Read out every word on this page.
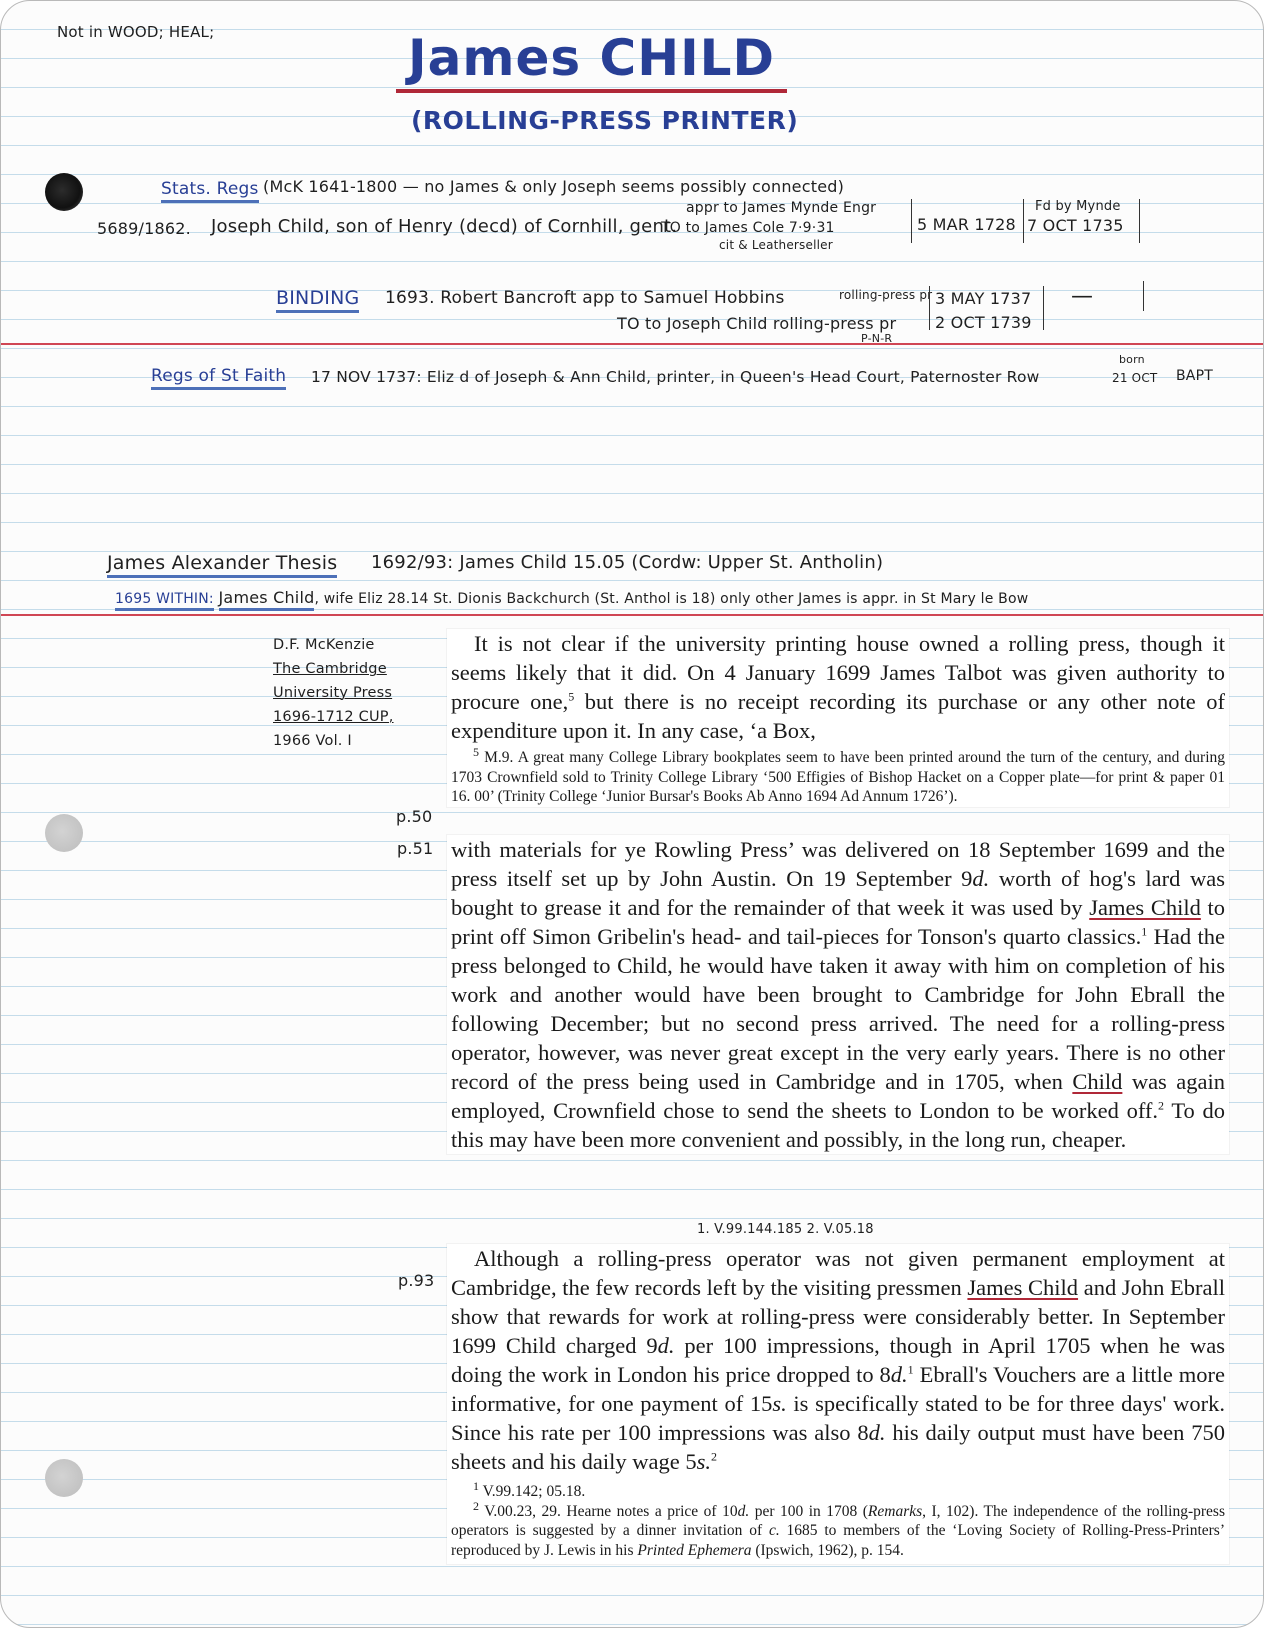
Not in WOOD; HEAL;	James CHILD
(ROLLING-PRESS PRINTER)
Stats. Regs (McK 1641-1800 — no James & only Joseph seems possibly connected)
5689/1862. Joseph Child, son of Henry (decd) of Cornhill, gent.
appr to James Mynde Engr
TO to James Cole 7·9·31
cit & Leatherseller
5 MAR 1728
Fd by Mynde
7 OCT 1735
BINDING 1693. Robert Bancroft app to Samuel Hobbins	rolling-press pr
TO to Joseph Child rolling-press pr
P-N-R
3 MAY 1737
2 OCT 1739
—
Regs of St Faith 17 NOV 1737: Eliz d of Joseph & Ann Child, printer, in Queen's Head Court, Paternoster Row
born
21 OCT BAPT
James Alexander Thesis 1692/93: James Child 15.05 (Cordw: Upper St. Antholin)
1695 WITHIN: James Child, wife Eliz 28.14 St. Dionis Backchurch (St. Anthol is 18) only other James is appr. in St Mary le Bow
D.F. McKenzie
The Cambridge
University Press
1696-1712 CUP,
1966 Vol. I
p.50
p.51
p.93

It is not clear if the university printing house owned a rolling press, though it seems likely that it did. On 4 January 1699 James Talbot was given authority to procure one,$^5$ but there is no receipt recording its purchase or any other note of expenditure upon it. In any case, ‘a Box,

$^5$ M.9. A great many College Library bookplates seem to have been printed around the turn of the century, and during 1703 Crownfield sold to Trinity College Library ‘500 Effigies of Bishop Hacket on a Copper plate—for print & paper 01 16. 00’ (Trinity College ‘Junior Bursar's Books Ab Anno 1694 Ad Annum 1726’).

with materials for ye Rowling Press’ was delivered on 18 September 1699 and the press itself set up by John Austin. On 19 September 9d. worth of hog's lard was bought to grease it and for the remainder of that week it was used by James Child to print off Simon Gribelin's head- and tail-pieces for Tonson's quarto classics.$^1$ Had the press belonged to Child, he would have taken it away with him on completion of his work and another would have been brought to Cambridge for John Ebrall the following December; but no second press arrived. The need for a rolling-press operator, however, was never great except in the very early years. There is no other record of the press being used in Cambridge and in 1705, when Child was again employed, Crownfield chose to send the sheets to London to be worked off.$^2$ To do this may have been more convenient and possibly, in the long run, cheaper.

1. V.99.144.185 2. V.05.18

Although a rolling-press operator was not given permanent employment at Cambridge, the few records left by the visiting pressmen James Child and John Ebrall show that rewards for work at rolling-press were considerably better. In September 1699 Child charged 9d. per 100 impressions, though in April 1705 when he was doing the work in London his price dropped to 8d.$^1$ Ebrall's Vouchers are a little more informative, for one payment of 15s. is specifically stated to be for three days' work. Since his rate per 100 impressions was also 8d. his daily output must have been 750 sheets and his daily wage 5s.$^2$

$^1$ V.99.142; 05.18.

$^2$ V.00.23, 29. Hearne notes a price of 10d. per 100 in 1708 (Remarks, I, 102). The independence of the rolling-press operators is suggested by a dinner invitation of c. 1685 to members of the ‘Loving Society of Rolling-Press-Printers’ reproduced by J. Lewis in his Printed Ephemera (Ipswich, 1962), p. 154.
